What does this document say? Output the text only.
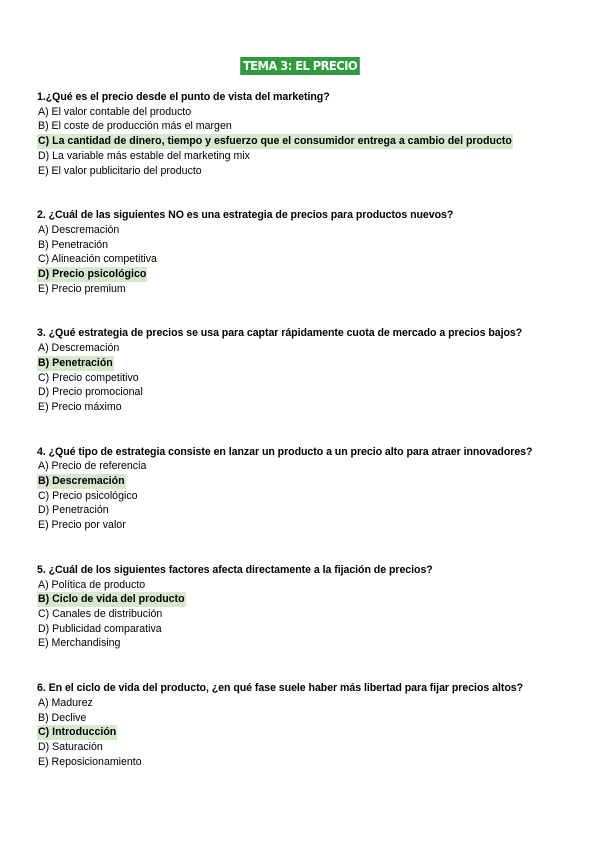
TEMA 3: EL PRECIO
1.¿Qué es el precio desde el punto de vista del marketing?
A) El valor contable del producto
B) El coste de producción más el margen
C) La cantidad de dinero, tiempo y esfuerzo que el consumidor entrega a cambio del producto
D) La variable más estable del marketing mix
E) El valor publicitario del producto
2. ¿Cuál de las siguientes NO es una estrategia de precios para productos nuevos?
A) Descremación
B) Penetración
C) Alineación competitiva
D) Precio psicológico
E) Precio premium
3. ¿Qué estrategia de precios se usa para captar rápidamente cuota de mercado a precios bajos?
A) Descremación
B) Penetración
C) Precio competitivo
D) Precio promocional
E) Precio máximo
4. ¿Qué tipo de estrategia consiste en lanzar un producto a un precio alto para atraer innovadores?
A) Precio de referencia
B) Descremación
C) Precio psicológico
D) Penetración
E) Precio por valor
5. ¿Cuál de los siguientes factores afecta directamente a la fijación de precios?
A) Política de producto
B) Ciclo de vida del producto
C) Canales de distribución
D) Publicidad comparativa
E) Merchandising
6. En el ciclo de vida del producto, ¿en qué fase suele haber más libertad para fijar precios altos?
A) Madurez
B) Declive
C) Introducción
D) Saturación
E) Reposicionamiento
